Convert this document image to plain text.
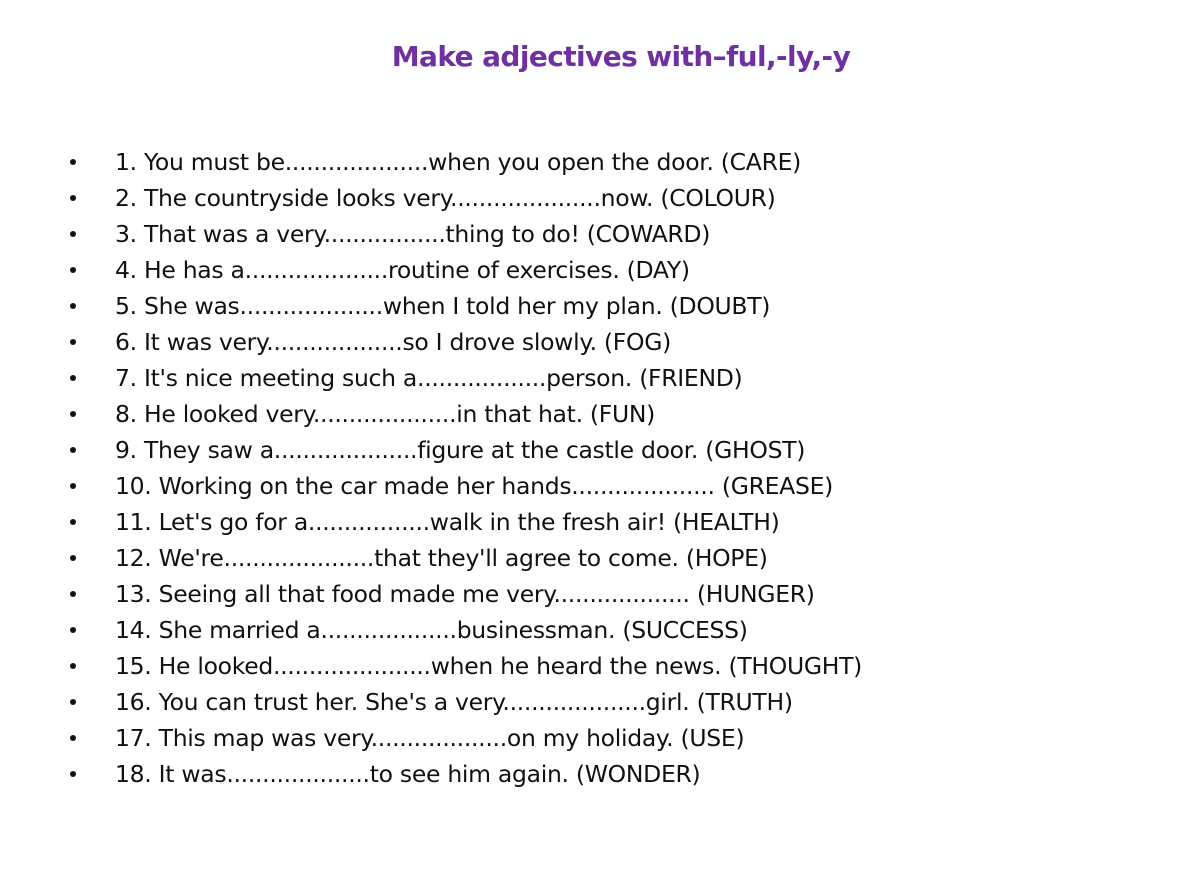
Make adjectives with–ful,-ly,-y
1. You must be....................when you open the door. (CARE)
2. The countryside looks very.....................now. (COLOUR)
3. That was a very.................thing to do! (COWARD)
4. He has a....................routine of exercises. (DAY)
5. She was....................when I told her my plan. (DOUBT)
6. It was very...................so I drove slowly. (FOG)
7. It's nice meeting such a..................person. (FRIEND)
8. He looked very....................in that hat. (FUN)
9. They saw a....................figure at the castle door. (GHOST)
10. Working on the car made her hands.................... (GREASE)
11. Let's go for a.................walk in the fresh air! (HEALTH)
12. We're.....................that they'll agree to come. (HOPE)
13. Seeing all that food made me very................... (HUNGER)
14. She married a...................businessman. (SUCCESS)
15. He looked......................when he heard the news. (THOUGHT)
16. You can trust her. She's a very....................girl. (TRUTH)
17. This map was very...................on my holiday. (USE)
18. It was....................to see him again. (WONDER)
